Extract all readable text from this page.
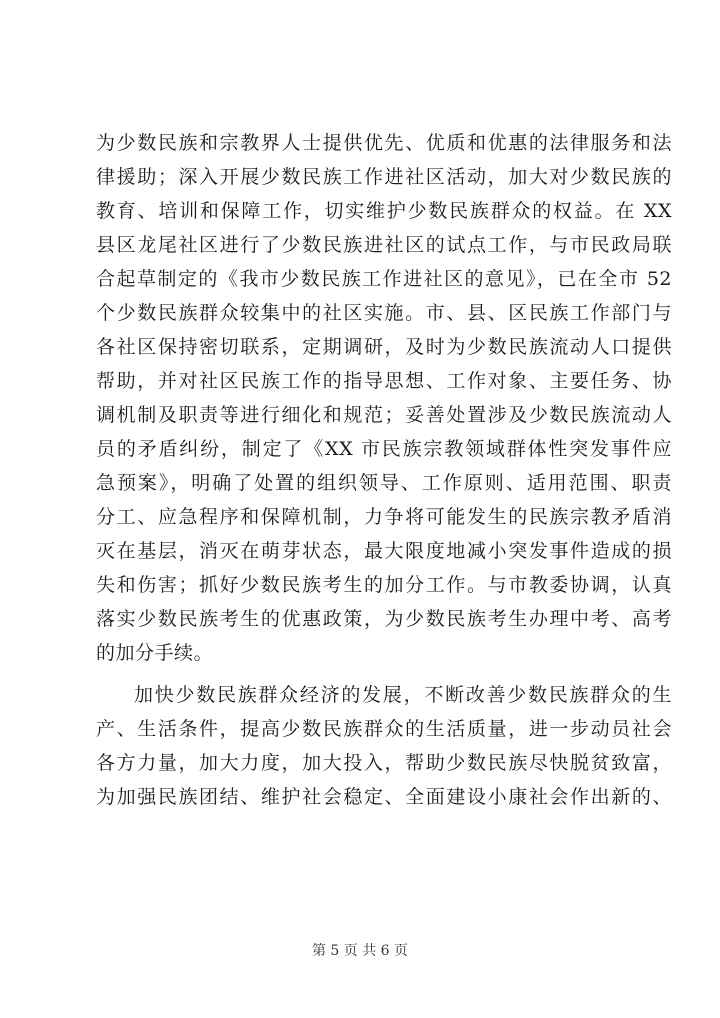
为少数民族和宗教界人士提供优先、优质和优惠的法律服务和法
律援助；深入开展少数民族工作进社区活动，加大对少数民族的
教育、培训和保障工作，切实维护少数民族群众的权益。在 XX
县区龙尾社区进行了少数民族进社区的试点工作，与市民政局联
合起草制定的《我市少数民族工作进社区的意见》，已在全市 52
个少数民族群众较集中的社区实施。市、县、区民族工作部门与
各社区保持密切联系，定期调研，及时为少数民族流动人口提供
帮助，并对社区民族工作的指导思想、工作对象、主要任务、协
调机制及职责等进行细化和规范；妥善处置涉及少数民族流动人
员的矛盾纠纷，制定了《XX 市民族宗教领域群体性突发事件应
急预案》，明确了处置的组织领导、工作原则、适用范围、职责
分工、应急程序和保障机制，力争将可能发生的民族宗教矛盾消
灭在基层，消灭在萌芽状态，最大限度地减小突发事件造成的损
失和伤害；抓好少数民族考生的加分工作。与市教委协调，认真
落实少数民族考生的优惠政策，为少数民族考生办理中考、高考
的加分手续。
加快少数民族群众经济的发展，不断改善少数民族群众的生
产、生活条件，提高少数民族群众的生活质量，进一步动员社会
各方力量，加大力度，加大投入，帮助少数民族尽快脱贫致富，
为加强民族团结、维护社会稳定、全面建设小康社会作出新的、
第 5 页 共 6 页
